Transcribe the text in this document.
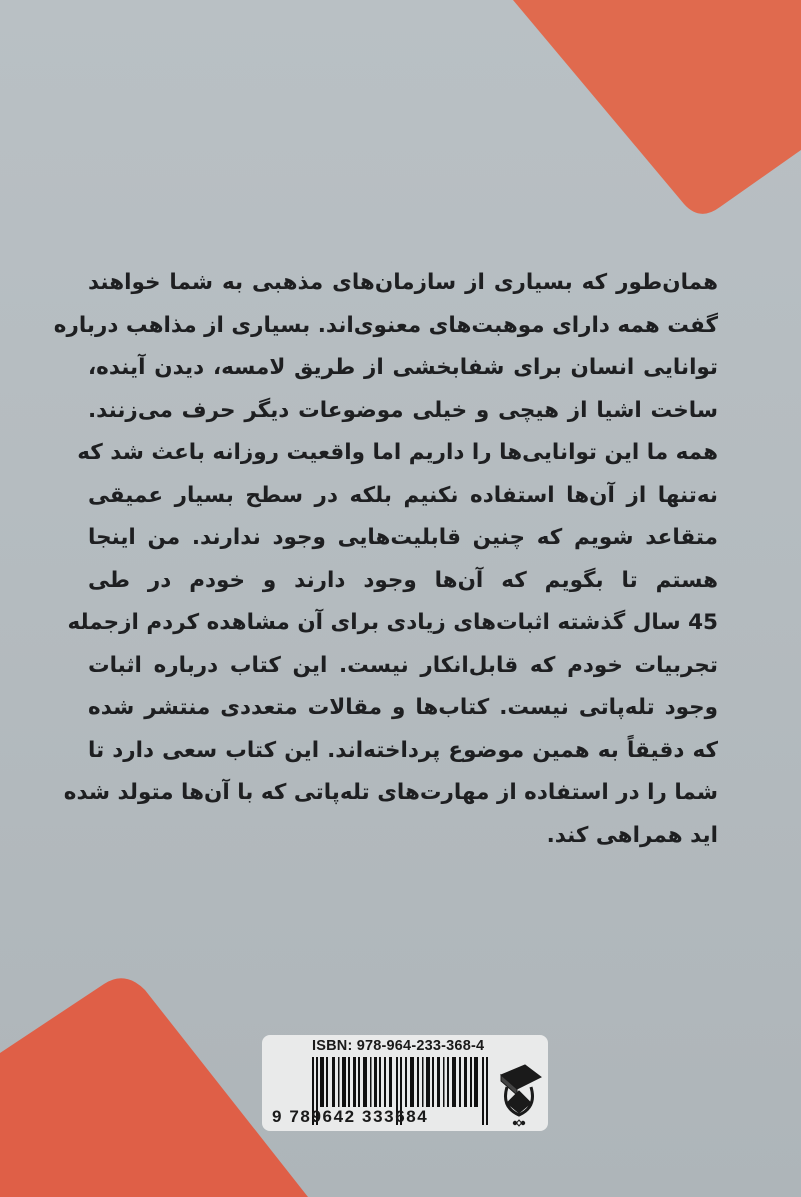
همان‌طور که بسیاری از سازمان‌های مذهبی به شما خواهند
گفت همه دارای موهبت‌های معنوی‌اند. بسیاری از مذاهب درباره
توانایی انسان برای شفابخشی از طریق لامسه، دیدن آینده،
ساخت اشیا از هیچی و خیلی موضوعات دیگر حرف می‌زنند.
همه ما این توانایی‌ها را داریم اما واقعیت روزانه باعث شد که
نه‌تنها از آن‌ها استفاده نکنیم بلکه در سطح بسیار عمیقی
متقاعد شویم که چنین قابلیت‌هایی وجود ندارند. من اینجا
هستم تا بگویم که آن‌ها وجود دارند و خودم در طی
45 سال گذشته اثبات‌های زیادی برای آن مشاهده کردم ازجمله
تجربیات خودم که قابل‌انکار نیست. این کتاب درباره اثبات
وجود تله‌پاتی نیست. کتاب‌ها و مقالات متعددی منتشر شده
که دقیقاً به همین موضوع پرداخته‌اند. این کتاب سعی دارد تا
شما را در استفاده از مهارت‌های تله‌پاتی که با آن‌ها متولد شده
اید همراهی کند.
ISBN: 978-964-233-368-4
9 789642 333684
